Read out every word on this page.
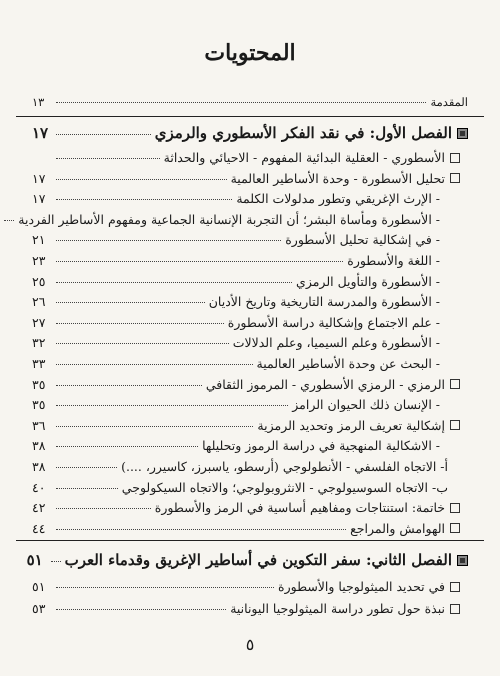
المحتويات
المقدمة
١٣
الفصل الأول: في نقد الفكر الأسطوري والرمزي
١٧
الأسطوري - العقلية البدائية المفهوم - الاحيائي والحداثة
تحليل الأسطورة - وحدة الأساطير العالمية
١٧
- الإرث الإغريقي وتطور مدلولات الكلمة
١٧
- الأسطورة ومأساة البشر؛ أن التجربة الإنسانية الجماعية ومفهوم الأساطير الفردية
- في إشكالية تحليل الأسطورة
٢١
- اللغة والأسطورة
٢٣
- الأسطورة والتأويل الرمزي
٢٥
- الأسطورة والمدرسة التاريخية وتاريخ الأديان
٢٦
- علم الاجتماع وإشكالية دراسة الأسطورة
٢٧
- الأسطورة وعلم السيميا، وعلم الدلالات
٣٢
- البحث عن وحدة الأساطير العالمية
٣٣
الرمزي - الرمزي الأسطوري - المرموز الثقافي
٣٥
- الإنسان ذلك الحيوان الرامز
٣٥
إشكالية تعريف الرمز وتحديد الرمزية
٣٦
- الاشكالية المنهجية في دراسة الرموز وتحليلها
٣٨
أ- الاتجاه الفلسفي - الأنطولوجي (أرسطو، ياسبرز، كاسيرر، ....)
٣٨
ب- الاتجاه السوسيولوجي - الانثروبولوجي؛ والاتجاه السيكولوجي
٤٠
خاتمة: استنتاجات ومفاهيم أساسية في الرمز والأسطورة
٤٢
الهوامش والمراجع
٤٤
الفصل الثاني: سفر التكوين في أساطير الإغريق وقدماء العرب
٥١
في تحديد الميثولوجيا والأسطورة
٥١
نبذة حول تطور دراسة الميثولوجيا اليونانية
٥٣
٥
